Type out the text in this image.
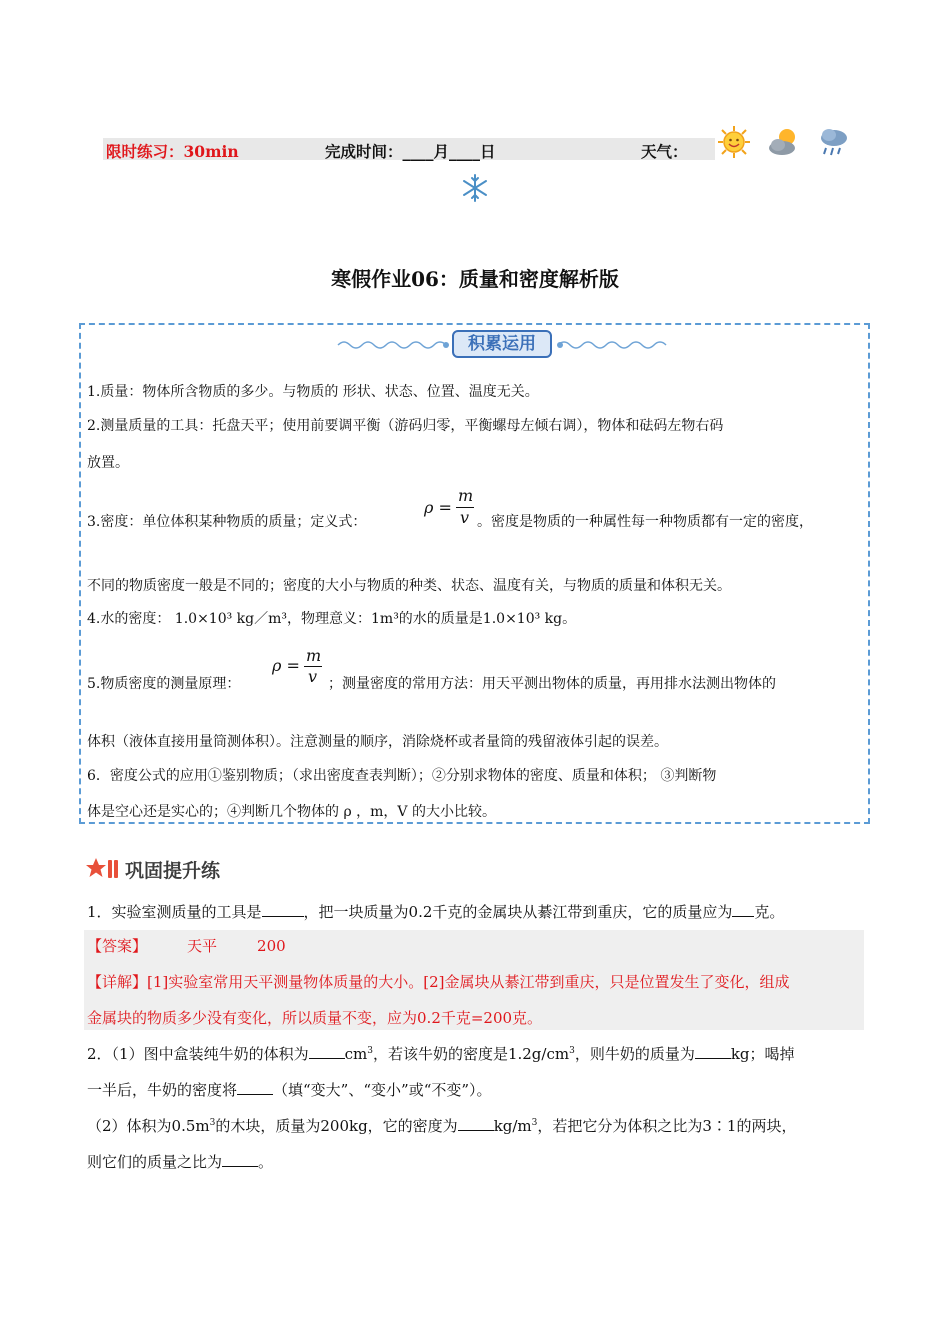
限时练习：30min	完成时间：____月____日	天气：
寒假作业06：质量和密度解析版
积累运用
1.质量：物体所含物质的多少。与物质的 形状、状态、位置、温度无关。
2.测量质量的工具：托盘天平；使用前要调平衡（游码归零，平衡螺母左倾右调），物体和砝码左物右码
放置。
3.密度：单位体积某种物质的质量；定义式：
ρ =
m
v 。密度是物质的一种属性每一种物质都有一定的密度，
不同的物质密度一般是不同的；密度的大小与物质的种类、状态、温度有关，与物质的质量和体积无关。
4.水的密度： 1.0×10³ kg／m³，物理意义：1m³的水的质量是1.0×10³ kg。
5.物质密度的测量原理：
ρ =
m
v ；测量密度的常用方法：用天平测出物体的质量，再用排水法测出物体的
体积（液体直接用量筒测体积）。注意测量的顺序，消除烧杯或者量筒的残留液体引起的误差。
6．密度公式的应用①鉴别物质；（求出密度查表判断）；②分别求物体的密度、质量和体积； ③判断物
体是空心还是实心的；④判断几个物体的 ρ ，m，V 的大小比较。
巩固提升练
1．实验室测质量的工具是	，把一块质量为0.2千克的金属块从綦江带到重庆，它的质量应为 克。
【答案】	天平	200
【详解】[1]实验室常用天平测量物体质量的大小。[2]金属块从綦江带到重庆，只是位置发生了变化，组成
金属块的物质多少没有变化，所以质量不变，应为0.2千克=200克。
2．（1）图中盒装纯牛奶的体积为 $cm^3$，若该牛奶的密度是$1.2g/cm^3$，则牛奶的质量为 kg；喝掉
一半后，牛奶的密度将 （填“变大”、“变小”或“不变”）。
（2）体积为$0.5m^3$的木块，质量为200kg，它的密度为 $kg/m^3$，若把它分为体积之比为3∶1的两块，
则它们的质量之比为 。
